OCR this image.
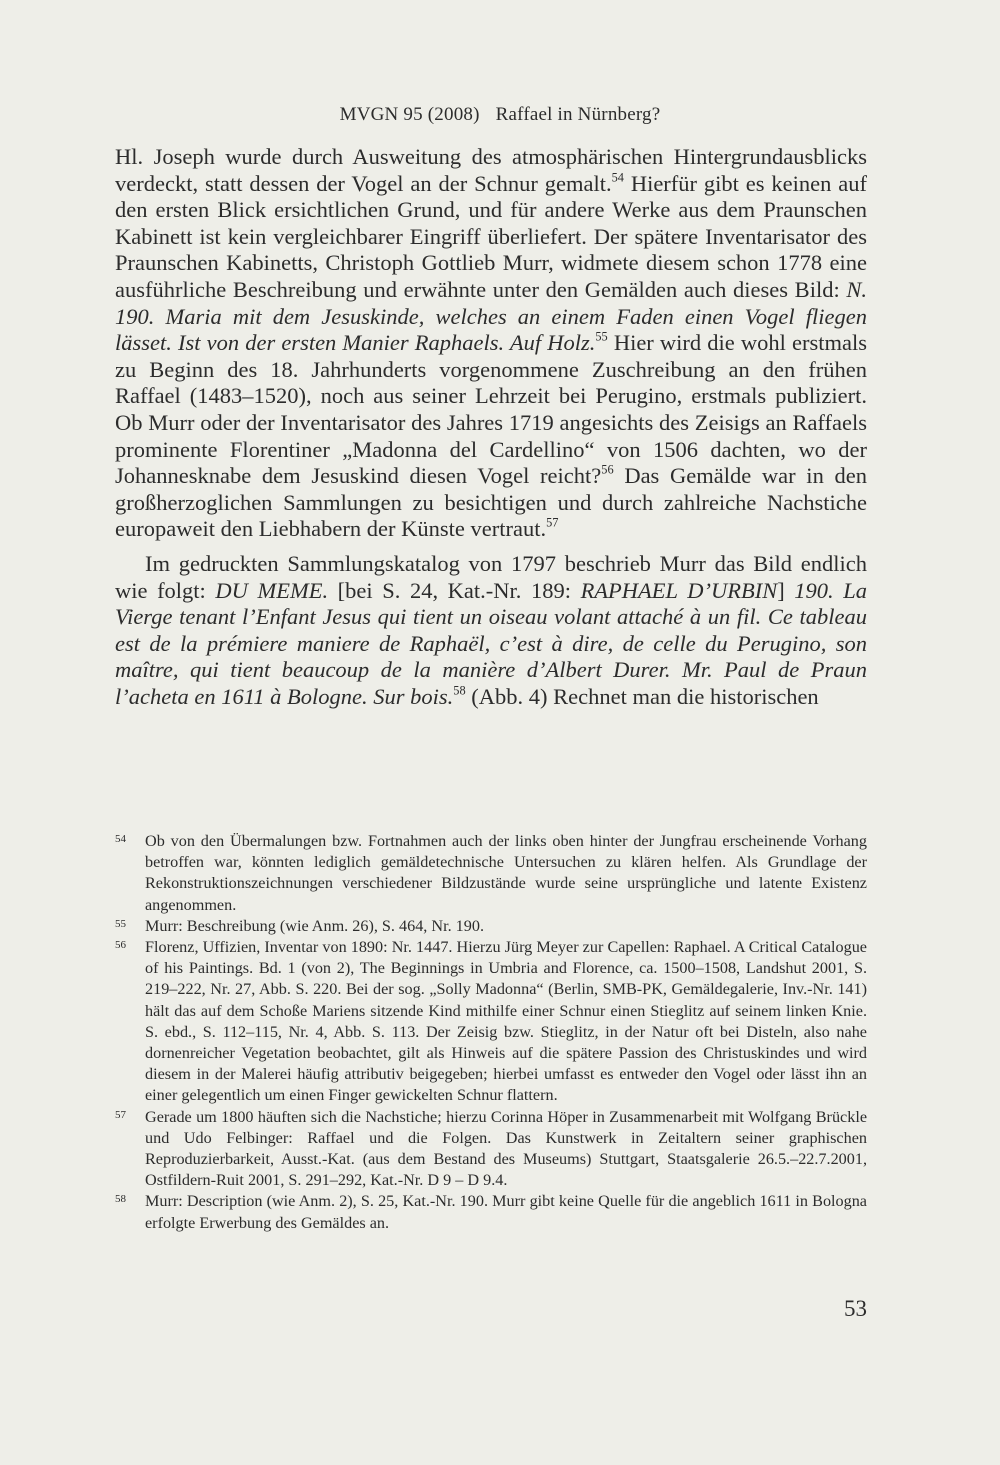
MVGN 95 (2008) Raffael in Nürnberg?

Hl. Joseph wurde durch Ausweitung des atmosphärischen Hintergrundausblicks verdeckt, statt dessen der Vogel an der Schnur gemalt.$^{54}$ Hierfür gibt es keinen auf den ersten Blick ersichtlichen Grund, und für andere Werke aus dem Praunschen Kabinett ist kein vergleichbarer Eingriff überliefert. Der spätere Inventarisator des Praunschen Kabinetts, Christoph Gottlieb Murr, widmete diesem schon 1778 eine ausführliche Beschreibung und erwähnte unter den Gemälden auch dieses Bild: N. 190. Maria mit dem Jesuskinde, welches an einem Faden einen Vogel fliegen lässet. Ist von der ersten Manier Raphaels. Auf Holz.$^{55}$ Hier wird die wohl erstmals zu Beginn des 18. Jahrhunderts vorgenommene Zuschreibung an den frühen Raffael (1483–1520), noch aus seiner Lehrzeit bei Perugino, erstmals publiziert. Ob Murr oder der Inventarisator des Jahres 1719 angesichts des Zeisigs an Raffaels prominente Florentiner „Madonna del Cardellino“ von 1506 dachten, wo der Johannesknabe dem Jesuskind diesen Vogel reicht?$^{56}$ Das Gemälde war in den großherzoglichen Sammlungen zu besichtigen und durch zahlreiche Nachstiche europaweit den Liebhabern der Künste vertraut.$^{57}$

Im gedruckten Sammlungskatalog von 1797 beschrieb Murr das Bild endlich wie folgt: DU MEME. [bei S. 24, Kat.-Nr. 189: RAPHAEL D’URBIN] 190. La Vierge tenant l’Enfant Jesus qui tient un oiseau volant attaché à un fil. Ce tableau est de la prémiere maniere de Raphaël, c’est à dire, de celle du Perugino, son maître, qui tient beaucoup de la manière d’Albert Durer. Mr. Paul de Praun l’acheta en 1611 à Bologne. Sur bois.$^{58}$ (Abb. 4) Rechnet man die historischen

54 Ob von den Übermalungen bzw. Fortnahmen auch der links oben hinter der Jungfrau erscheinende Vorhang betroffen war, könnten lediglich gemäldetechnische Untersuchen zu klären helfen. Als Grundlage der Rekonstruktionszeichnungen verschiedener Bildzustände wurde seine ursprüngliche und latente Existenz angenommen.
55 Murr: Beschreibung (wie Anm. 26), S. 464, Nr. 190.
56 Florenz, Uffizien, Inventar von 1890: Nr. 1447. Hierzu Jürg Meyer zur Capellen: Raphael. A Critical Catalogue of his Paintings. Bd. 1 (von 2), The Beginnings in Umbria and Florence, ca. 1500–1508, Landshut 2001, S. 219–222, Nr. 27, Abb. S. 220. Bei der sog. „Solly Madonna“ (Berlin, SMB-PK, Gemäldegalerie, Inv.-Nr. 141) hält das auf dem Schoße Mariens sitzende Kind mithilfe einer Schnur einen Stieglitz auf seinem linken Knie. S. ebd., S. 112–115, Nr. 4, Abb. S. 113. Der Zeisig bzw. Stieglitz, in der Natur oft bei Disteln, also nahe dornenreicher Vegetation beobachtet, gilt als Hinweis auf die spätere Passion des Christuskindes und wird diesem in der Malerei häufig attributiv beigegeben; hierbei umfasst es entweder den Vogel oder lässt ihn an einer gelegentlich um einen Finger gewickelten Schnur flattern.
57 Gerade um 1800 häuften sich die Nachstiche; hierzu Corinna Höper in Zusammenarbeit mit Wolfgang Brückle und Udo Felbinger: Raffael und die Folgen. Das Kunstwerk in Zeitaltern seiner graphischen Reproduzierbarkeit, Ausst.-Kat. (aus dem Bestand des Museums) Stuttgart, Staatsgalerie 26.5.–22.7.2001, Ostfildern-Ruit 2001, S. 291–292, Kat.-Nr. D 9 – D 9.4.
58 Murr: Description (wie Anm. 2), S. 25, Kat.-Nr. 190. Murr gibt keine Quelle für die angeblich 1611 in Bologna erfolgte Erwerbung des Gemäldes an.
53
